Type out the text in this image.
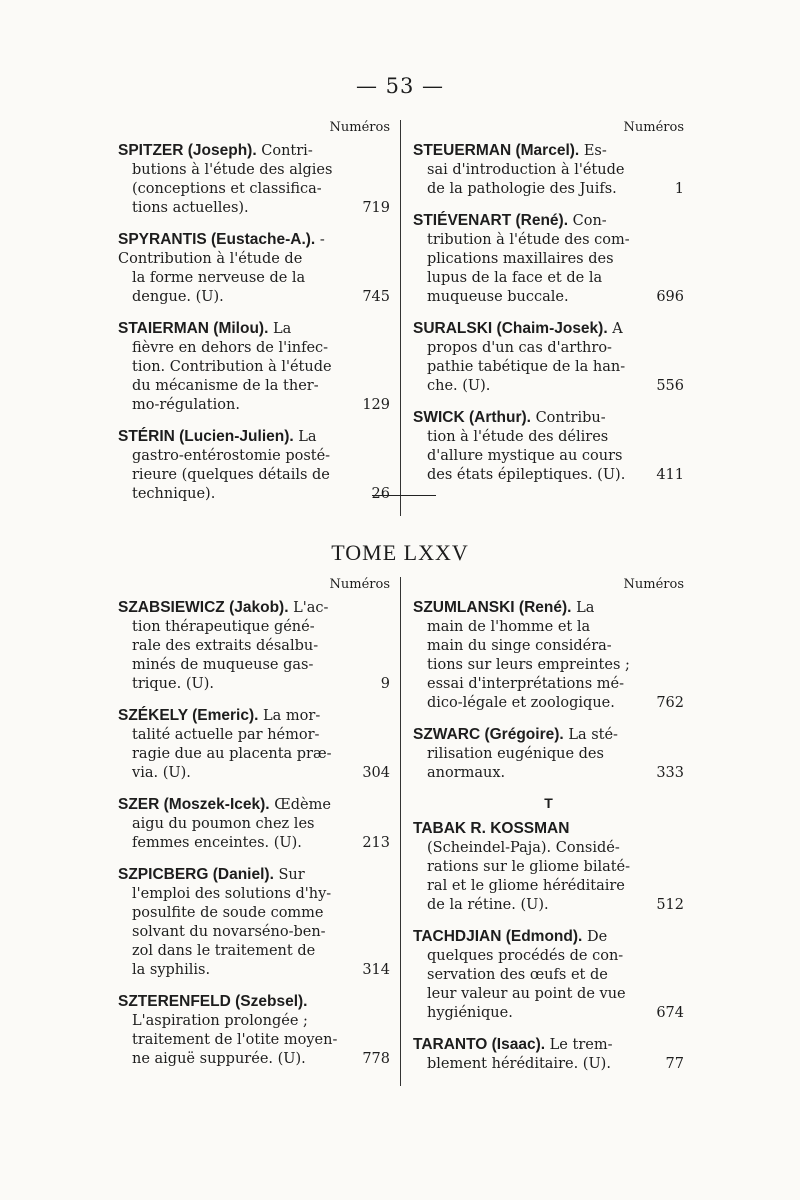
— 53 —
Numéros
SPITZER (Joseph). Contri-
butions à l'étude des algies
(conceptions et classifica-
tions actuelles).	719
SPYRANTIS (Eustache-A.). - Contribution à l'étude de
la forme nerveuse de la
dengue. (U).	745
STAIERMAN (Milou). La
fièvre en dehors de l'infec-
tion. Contribution à l'étude
du mécanisme de la ther-
mo-régulation.	129
STÉRIN (Lucien-Julien). La
gastro-entérostomie posté-
rieure (quelques détails de
technique).	26
Numéros
STEUERMAN (Marcel). Es-
sai d'introduction à l'étude
de la pathologie des Juifs.	1
STIÉVENART (René). Con-
tribution à l'étude des com-
plications maxillaires des
lupus de la face et de la
muqueuse buccale.	696
SURALSKI (Chaim-Josek). A
propos d'un cas d'arthro-
pathie tabétique de la han-
che. (U).	556
SWICK (Arthur). Contribu-
tion à l'étude des délires
d'allure mystique au cours
des états épileptiques. (U).	411
TOME LXXV
Numéros
SZABSIEWICZ (Jakob). L'ac-
tion thérapeutique géné-
rale des extraits désalbu-
minés de muqueuse gas-
trique. (U).	9
SZÉKELY (Emeric). La mor-
talité actuelle par hémor-
ragie due au placenta præ-
via. (U).	304
SZER (Moszek-Icek). Œdème
aigu du poumon chez les
femmes enceintes. (U).	213
SZPICBERG (Daniel). Sur
l'emploi des solutions d'hy-
posulfite de soude comme
solvant du novarséno-ben-
zol dans le traitement de
la syphilis.	314
SZTERENFELD (Szebsel).
L'aspiration prolongée ;
traitement de l'otite moyen-
ne aiguë suppurée. (U).	778
Numéros
SZUMLANSKI (René). La
main de l'homme et la
main du singe considéra-
tions sur leurs empreintes ;
essai d'interprétations mé-
dico-légale et zoologique.	762
SZWARC (Grégoire). La sté-
rilisation eugénique des
anormaux.	333
T
TABAK R. KOSSMAN
(Scheindel-Paja). Considé-
rations sur le gliome bilaté-
ral et le gliome héréditaire
de la rétine. (U).	512
TACHDJIAN (Edmond). De
quelques procédés de con-
servation des œufs et de
leur valeur au point de vue
hygiénique.	674
TARANTO (Isaac). Le trem-
blement héréditaire. (U).	77
